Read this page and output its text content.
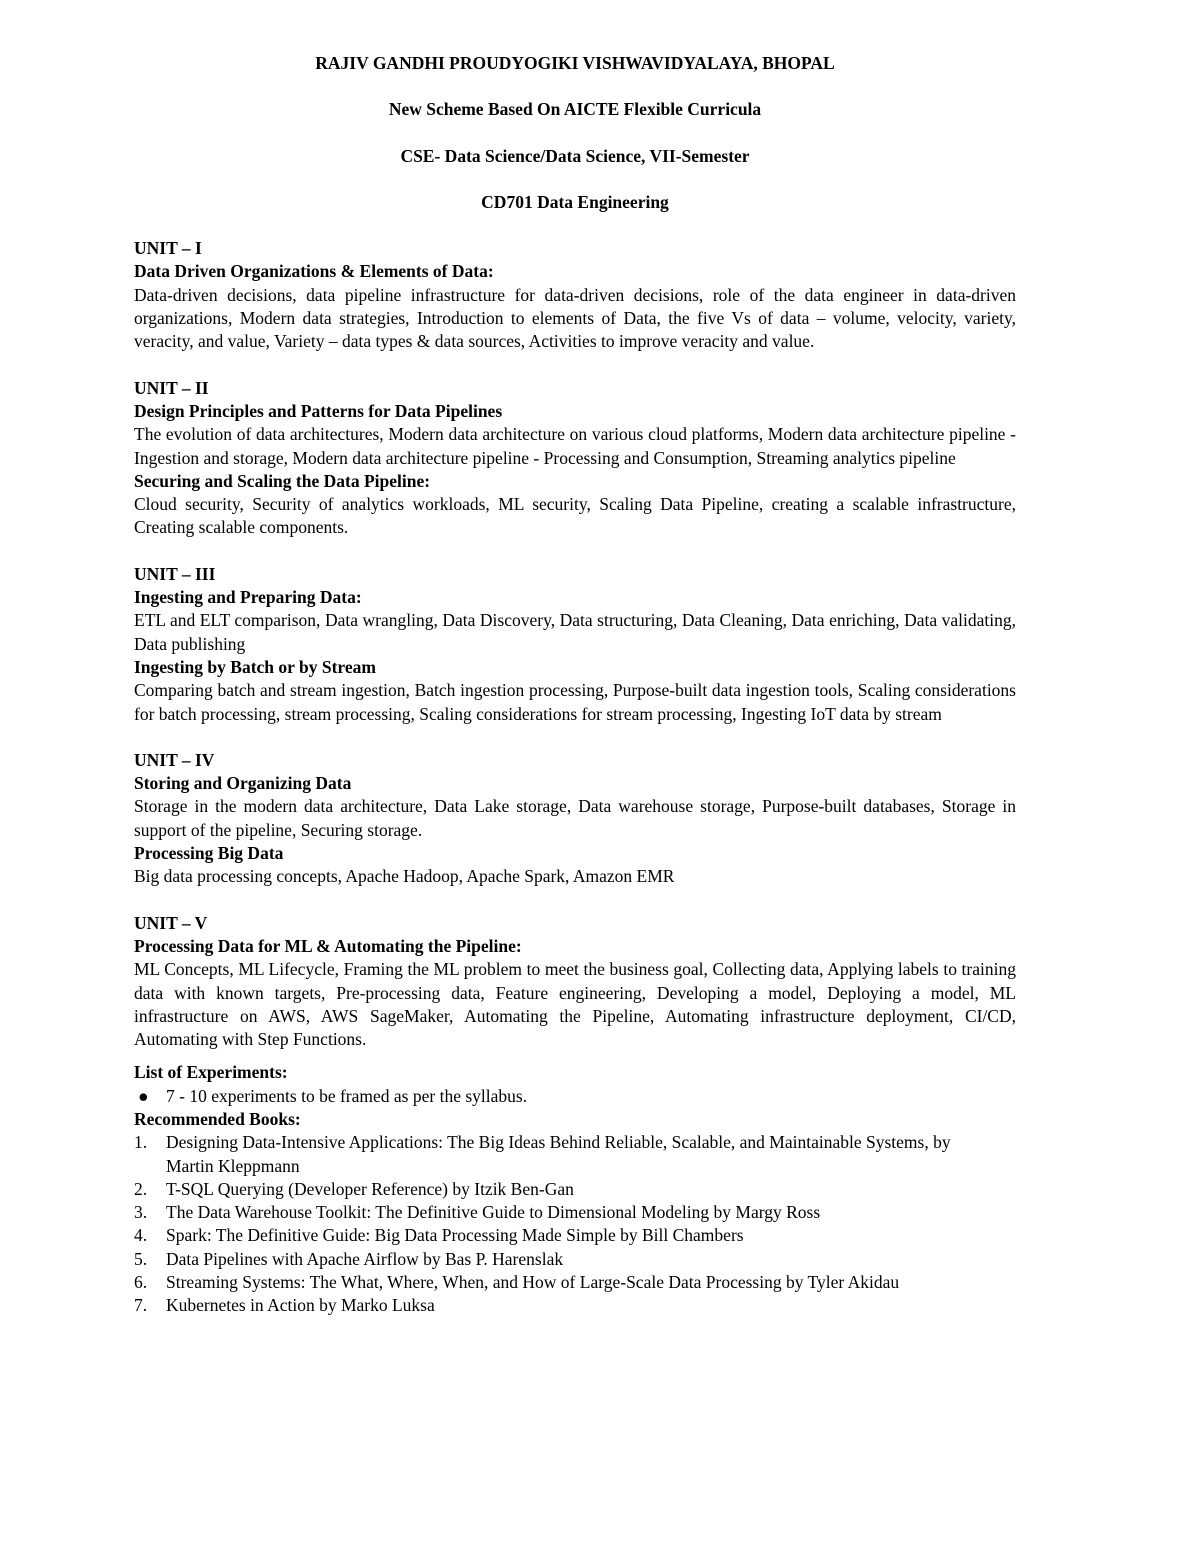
RAJIV GANDHI PROUDYOGIKI VISHWAVIDYALAYA, BHOPAL

New Scheme Based On AICTE Flexible Curricula

CSE- Data Science/Data Science, VII-Semester

CD701 Data Engineering

UNIT – I

Data Driven Organizations & Elements of Data:

Data-driven decisions, data pipeline infrastructure for data-driven decisions, role of the data engineer in data-driven organizations, Modern data strategies, Introduction to elements of Data, the five Vs of data – volume, velocity, variety, veracity, and value, Variety – data types & data sources, Activities to improve veracity and value.

UNIT – II

Design Principles and Patterns for Data Pipelines

The evolution of data architectures, Modern data architecture on various cloud platforms, Modern data architecture pipeline - Ingestion and storage, Modern data architecture pipeline - Processing and Consumption, Streaming analytics pipeline

Securing and Scaling the Data Pipeline:

Cloud security, Security of analytics workloads, ML security, Scaling Data Pipeline, creating a scalable infrastructure, Creating scalable components.

UNIT – III

Ingesting and Preparing Data:

ETL and ELT comparison, Data wrangling, Data Discovery, Data structuring, Data Cleaning, Data enriching, Data validating, Data publishing

Ingesting by Batch or by Stream

Comparing batch and stream ingestion, Batch ingestion processing, Purpose-built data ingestion tools, Scaling considerations for batch processing, stream processing, Scaling considerations for stream processing, Ingesting IoT data by stream

UNIT – IV

Storing and Organizing Data

Storage in the modern data architecture, Data Lake storage, Data warehouse storage, Purpose-built databases, Storage in support of the pipeline, Securing storage.

Processing Big Data

Big data processing concepts, Apache Hadoop, Apache Spark, Amazon EMR

UNIT – V

Processing Data for ML & Automating the Pipeline:

ML Concepts, ML Lifecycle, Framing the ML problem to meet the business goal, Collecting data, Applying labels to training data with known targets, Pre-processing data, Feature engineering, Developing a model, Deploying a model, ML infrastructure on AWS, AWS SageMaker, Automating the Pipeline, Automating infrastructure deployment, CI/CD, Automating with Step Functions.

List of Experiments:

● 7 - 10 experiments to be framed as per the syllabus.

Recommended Books:

1. Designing Data-Intensive Applications: The Big Ideas Behind Reliable, Scalable, and Maintainable Systems, by Martin Kleppmann
2. T-SQL Querying (Developer Reference) by Itzik Ben-Gan
3. The Data Warehouse Toolkit: The Definitive Guide to Dimensional Modeling by Margy Ross
4. Spark: The Definitive Guide: Big Data Processing Made Simple by Bill Chambers
5. Data Pipelines with Apache Airflow by Bas P. Harenslak
6. Streaming Systems: The What, Where, When, and How of Large-Scale Data Processing by Tyler Akidau
7. Kubernetes in Action by Marko Luksa
